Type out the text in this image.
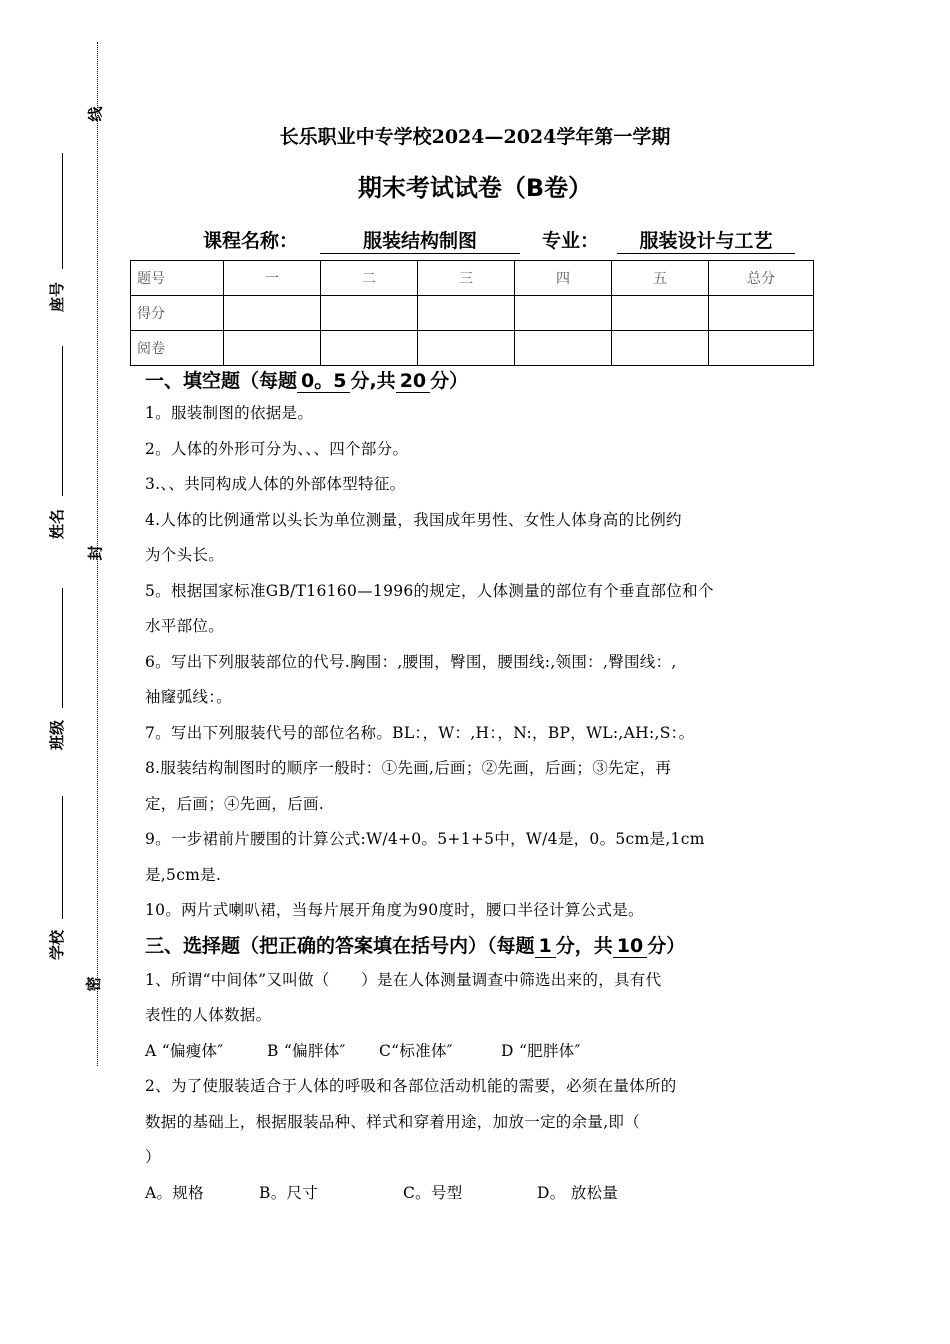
线
封
密
座号
姓名
班级
学校
长乐职业中专学校2024—2024学年第一学期
期末考试试卷（B卷）
课程名称：	服装结构制图	专业： 服装设计与工艺
题号	一	二	三	四	五	总分
得分						
阅卷						
一、填空题（每题 0。5 分,共 20 分）
1。服装制图的依据是。
2。人体的外形可分为、、、四个部分。
3.、、共同构成人体的外部体型特征。
4.人体的比例通常以头长为单位测量，我国成年男性、女性人体身高的比例约
为个头长。
5。根据国家标准GB/T16160—1996的规定，人体测量的部位有个垂直部位和个
水平部位。
6。写出下列服装部位的代号.胸围：,腰围，臀围，腰围线:,领围：,臀围线：,
袖窿弧线：。
7。写出下列服装代号的部位名称。BL：，W：,H：，N:，BP，WL:,AH:,S：。
8.服装结构制图时的顺序一般时：①先画,后画；②先画，后画；③先定，再
定，后画；④先画，后画.
9。一步裙前片腰围的计算公式:W/4+0。5+1+5中，W/4是，0。5cm是,1cm
是,5cm是.
10。两片式喇叭裙，当每片展开角度为90度时，腰口半径计算公式是。
三、选择题（把正确的答案填在括号内）（每题 1 分，共 10 分）
1、所谓“中间体”又叫做（　　）是在人体测量调查中筛选出来的，具有代
表性的人体数据。
A “偏瘦体″	B “偏胖体″ C“标准体″	D “肥胖体″
2、为了使服装适合于人体的呼吸和各部位活动机能的需要，必须在量体所的
数据的基础上，根据服装品种、样式和穿着用途，加放一定的余量,即（
）
A。规格	B。尺寸	C。号型	D。 放松量
